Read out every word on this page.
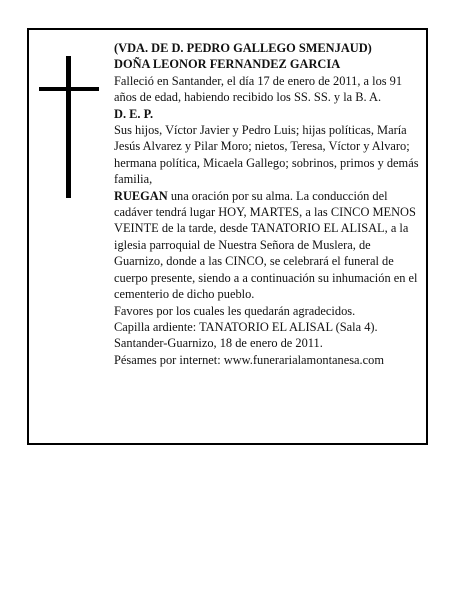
(VDA. DE D. PEDRO GALLEGO SMENJAUD)

DOÑA LEONOR FERNANDEZ GARCIA

Falleció en Santander, el día 17 de enero de 2011, a los 91 años de edad, habiendo recibido los SS. SS. y la B. A.

D. E. P.

Sus hijos, Víctor Javier y Pedro Luis; hijas políticas, María Jesús Alvarez y Pilar Moro; nietos, Teresa, Víctor y Alvaro; hermana política, Micaela Gallego; sobrinos, primos y demás familia,

RUEGAN una oración por su alma. La conducción del cadáver tendrá lugar HOY, MARTES, a las CINCO MENOS VEINTE de la tarde, desde TANATORIO EL ALISAL, a la iglesia parroquial de Nuestra Señora de Muslera, de Guarnizo, donde a las CINCO, se celebrará el funeral de cuerpo presente, siendo a a continuación su inhumación en el cementerio de dicho pueblo.

Favores por los cuales les quedarán agradecidos.

Capilla ardiente: TANATORIO EL ALISAL (Sala 4).

Santander-Guarnizo, 18 de enero de 2011.

Pésames por internet: www.funerarialamontanesa.com
